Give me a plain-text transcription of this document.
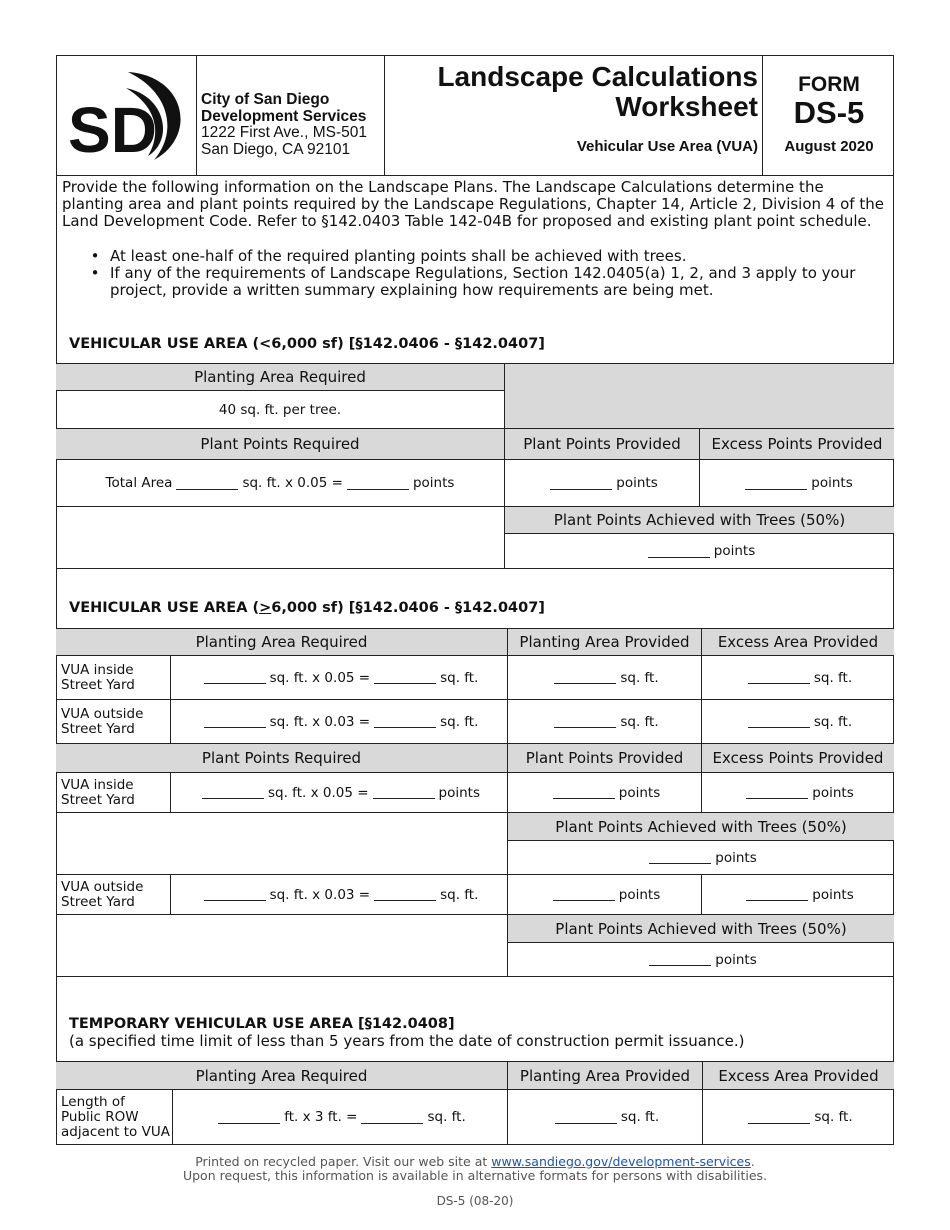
SD	City of San Diego
Development Services
1222 First Ave., MS-501
San Diego, CA 92101
Landscape Calculations
Worksheet
Vehicular Use Area (VUA)
FORM
DS-5
August 2020
Provide the following information on the Landscape Plans. The Landscape Calculations determine the planting area and plant points required by the Landscape Regulations, Chapter 14, Article 2, Division 4 of the Land Development Code. Refer to §142.0403 Table 142-04B for proposed and existing plant point schedule.
• At least one-half of the required planting points shall be achieved with trees.
• If any of the requirements of Landscape Regulations, Section 142.0405(a) 1, 2, and 3 apply to your project, provide a written summary explaining how requirements are being met.
VEHICULAR USE AREA (<6,000 sf) [§142.0406 - §142.0407]
Planting Area Required
40 sq. ft. per tree.
Plant Points Required	Plant Points Provided	Excess Points Provided
Total Area	sq. ft. x 0.05 =	points	points	points
Plant Points Achieved with Trees (50%)
points
VEHICULAR USE AREA (>6,000 sf) [§142.0406 - §142.0407]
Planting Area Required	Planting Area Provided	Excess Area Provided
VUA inside
Street Yard	sq. ft. x 0.05 =	sq. ft.	sq. ft.	sq. ft.
VUA outside
Street Yard	sq. ft. x 0.03 =	sq. ft.	sq. ft.	sq. ft.
Plant Points Required	Plant Points Provided	Excess Points Provided
VUA inside
Street Yard	sq. ft. x 0.05 =	points	points	points
Plant Points Achieved with Trees (50%)
points
VUA outside
Street Yard	sq. ft. x 0.03 =	sq. ft.	points	points
Plant Points Achieved with Trees (50%)
points
TEMPORARY VEHICULAR USE AREA [§142.0408]
(a specified time limit of less than 5 years from the date of construction permit issuance.)
Planting Area Required	Planting Area Provided	Excess Area Provided
Length of
Public ROW
adjacent to VUA
ft. x 3 ft. =	sq. ft.	sq. ft.	sq. ft.
Printed on recycled paper. Visit our web site at www.sandiego.gov/development-services.
Upon request, this information is available in alternative formats for persons with disabilities.
DS-5 (08-20)
